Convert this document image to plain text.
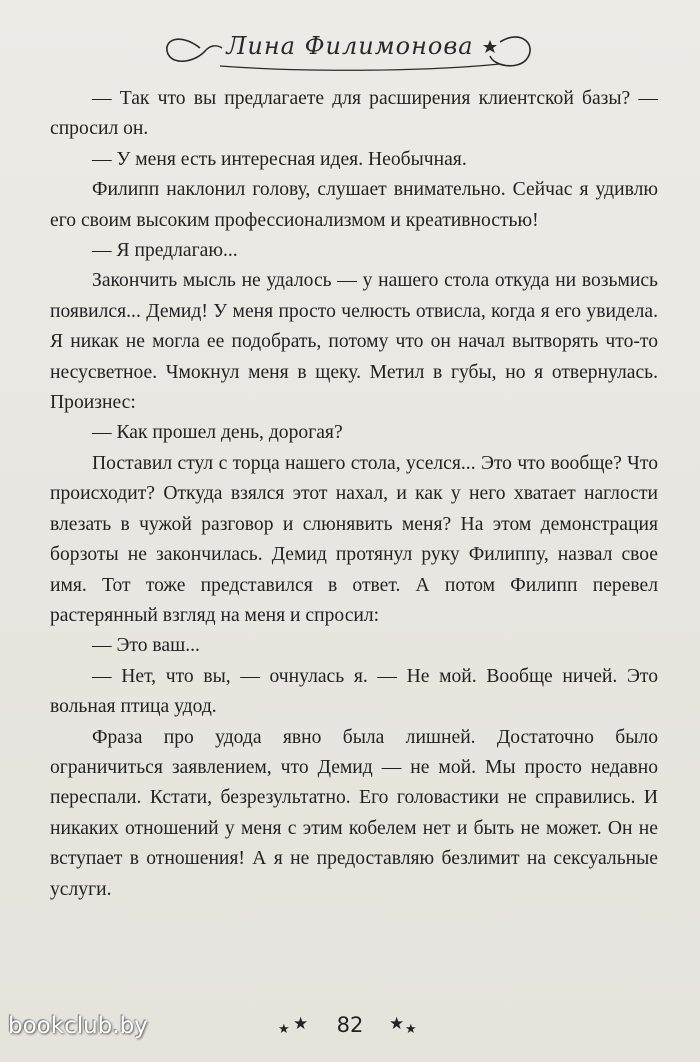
Лина Филимонова

— Так что вы предлагаете для расширения клиентской базы? — спросил он.

— У меня есть интересная идея. Необычная.

Филипп наклонил голову, слушает внимательно. Сейчас я удивлю его своим высоким профессионализмом и креативностью!

— Я предлагаю...

Закончить мысль не удалось — у нашего стола откуда ни возьмись появился... Демид! У меня просто челюсть отвисла, когда я его увидела. Я никак не могла ее подобрать, потому что он начал вытворять что-то несусветное. Чмокнул меня в щеку. Метил в губы, но я отвернулась. Произнес:

— Как прошел день, дорогая?

Поставил стул с торца нашего стола, уселся... Это что вообще? Что происходит? Откуда взялся этот нахал, и как у него хватает наглости влезать в чужой разговор и слюнявить меня? На этом демонстрация борзоты не закончилась. Демид протянул руку Филиппу, назвал свое имя. Тот тоже представился в ответ. А потом Филипп перевел растерянный взгляд на меня и спросил:

— Это ваш...

— Нет, что вы, — очнулась я. — Не мой. Вообще ничей. Это вольная птица удод.

Фраза про удода явно была лишней. Достаточно было ограничиться заявлением, что Демид — не мой. Мы просто недавно переспали. Кстати, безрезультатно. Его головастики не справились. И никаких отношений у меня с этим кобелем нет и быть не может. Он не вступает в отношения! А я не предоставляю безлимит на сексуальные услуги.

★ ★	82	★ ★
bookclub.by
